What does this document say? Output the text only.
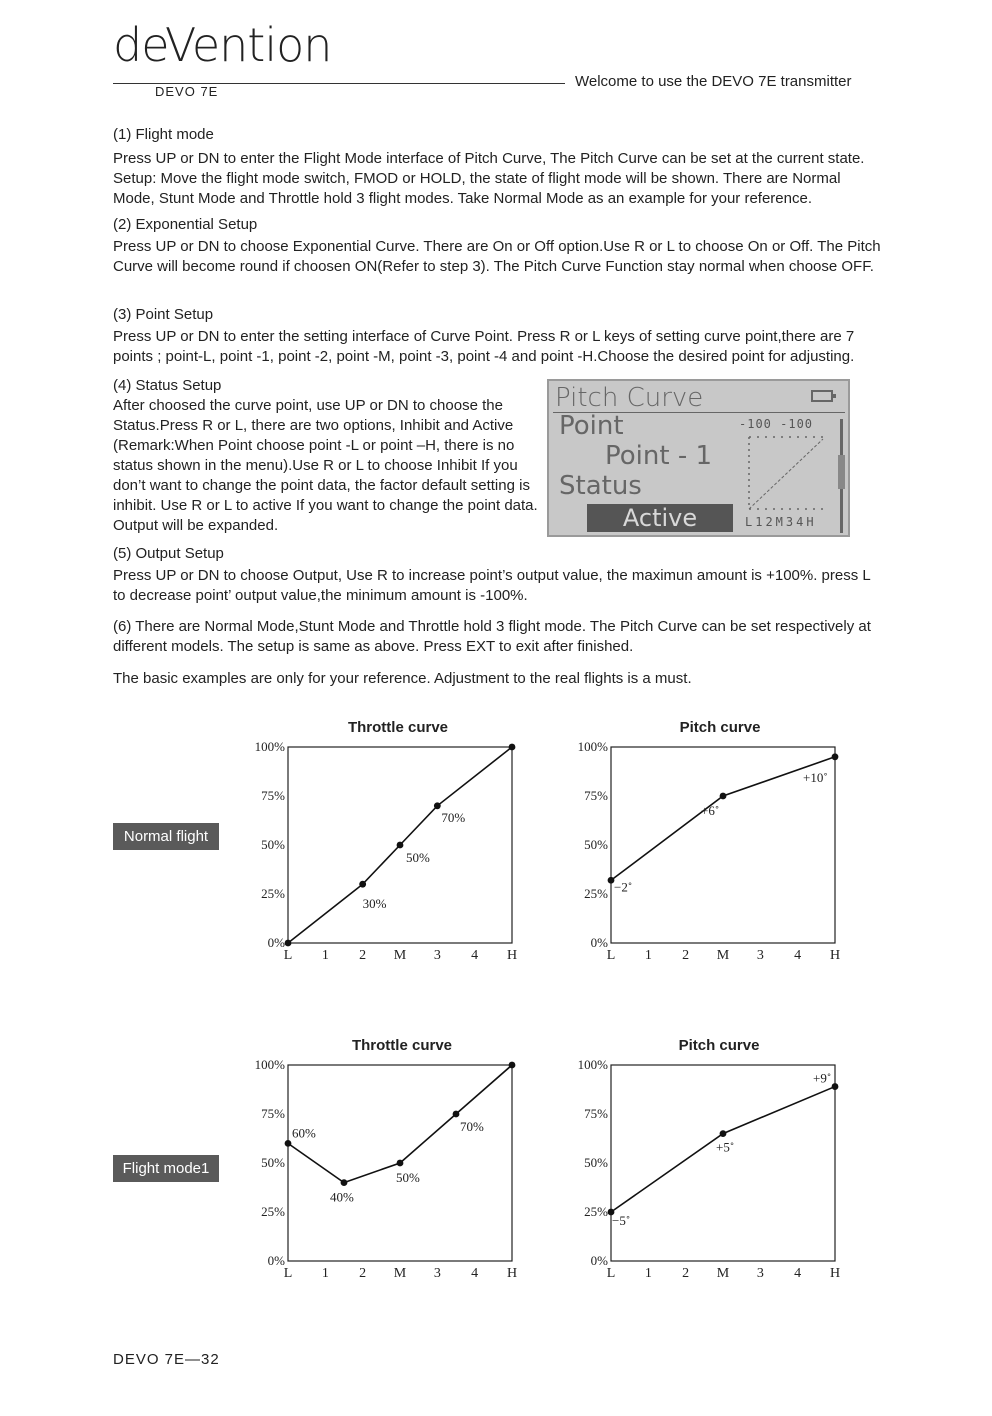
deVention
DEVO 7E
Welcome to use the DEVO 7E transmitter
(1) Flight mode
Press UP or DN to enter the Flight Mode interface of Pitch Curve, The Pitch Curve can be set at the current state. Setup: Move the flight mode switch, FMOD or HOLD, the state of flight mode will be shown. There are Normal Mode, Stunt Mode and Throttle hold 3 flight modes. Take Normal Mode as an example for your reference.
(2) Exponential Setup
Press UP or DN to choose Exponential Curve. There are On or Off option.Use R or L to choose On or Off. The Pitch Curve will become round if choosen ON(Refer to step 3). The Pitch Curve Function stay normal when choose OFF.
(3) Point Setup
Press UP or DN to enter the setting interface of Curve Point. Press R or L keys of setting curve point,there are 7 points ; point-L, point -1, point -2, point -M, point -3, point -4 and point -H.Choose the desired point for adjusting.
(4) Status Setup
After choosed the curve point, use UP or DN to choose the Status.Press R or L, there are two options, Inhibit and Active (Remark:When Point choose point -L or point –H, there is no status shown in the menu).Use R or L to choose Inhibit If you don’t want to change the point data, the factor default setting is inhibit. Use R or L to active If you want to change the point data. Output will be expanded.
Pitch Curve
Point	-100 -100
Point - 1
Status
Active	L12M34H
(5) Output Setup
Press UP or DN to choose Output, Use R to increase point’s output value, the maximun amount is +100%. press L to decrease point’ output value,the minimum amount is -100%.
(6) There are Normal Mode,Stunt Mode and Throttle hold 3 flight mode. The Pitch Curve can be set respectively at different models. The setup is same as above. Press EXT to exit after finished.
The basic examples are only for your reference. Adjustment to the real flights is a must.
Normal flight
Flight mode1
Throttle curve	Pitch curve
Throttle curve	Pitch curve
0%
25%
50%
75%
100%
L 1 2 M 3 4 H
30%
50%
70%
0%
25%
50%
75%
100%
L 1 2 M 3 4 H
−2˚
+6˚
+10˚
0%
25%
50%
75%
100%
L 1 2 M 3 4 H
60%
40%
50%
70%
0%
25%
50%
75%
100%
L 1 2 M 3 4 H
−5˚
+5˚
+9˚
DEVO 7E—32
